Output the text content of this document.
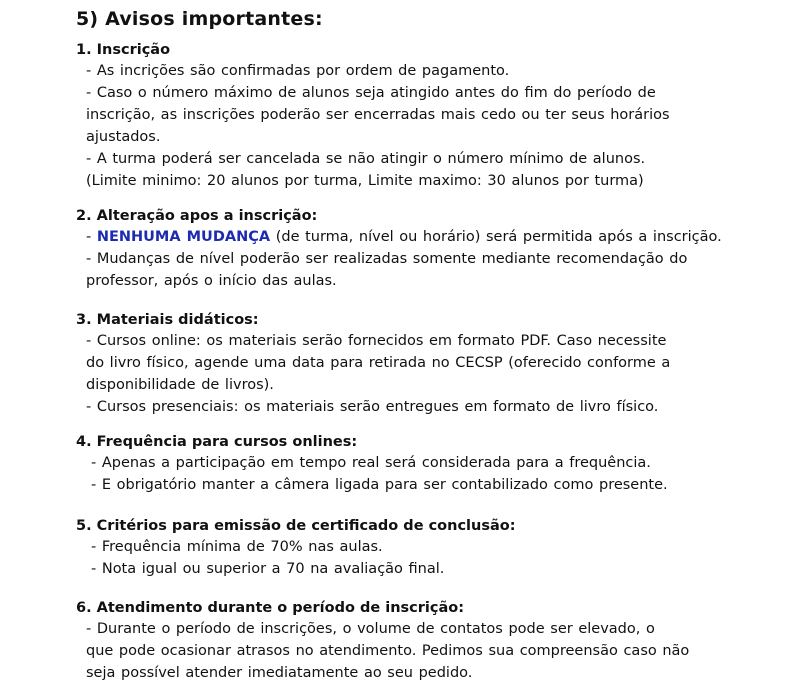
5) Avisos importantes:
1. Inscrição
- As incrições são confirmadas por ordem de pagamento.
- Caso o número máximo de alunos seja atingido antes do fim do período de
inscrição, as inscrições poderão ser encerradas mais cedo ou ter seus horários
ajustados.
- A turma poderá ser cancelada se não atingir o número mínimo de alunos.
(Limite minimo: 20 alunos por turma, Limite maximo: 30 alunos por turma)
2. Alteração apos a inscrição:
- NENHUMA MUDANÇA (de turma, nível ou horário) será permitida após a inscrição.
- Mudanças de nível poderão ser realizadas somente mediante recomendação do
professor, após o início das aulas.
3. Materiais didáticos:
- Cursos online: os materiais serão fornecidos em formato PDF. Caso necessite
do livro físico, agende uma data para retirada no CECSP (oferecido conforme a
disponibilidade de livros).
- Cursos presenciais: os materiais serão entregues em formato de livro físico.
4. Frequência para cursos onlines:
- Apenas a participação em tempo real será considerada para a frequência.
- E obrigatório manter a câmera ligada para ser contabilizado como presente.
5. Critérios para emissão de certificado de conclusão:
- Frequência mínima de 70% nas aulas.
- Nota igual ou superior a 70 na avaliação final.
6. Atendimento durante o período de inscrição:
- Durante o período de inscrições, o volume de contatos pode ser elevado, o
que pode ocasionar atrasos no atendimento. Pedimos sua compreensão caso não
seja possível atender imediatamente ao seu pedido.
